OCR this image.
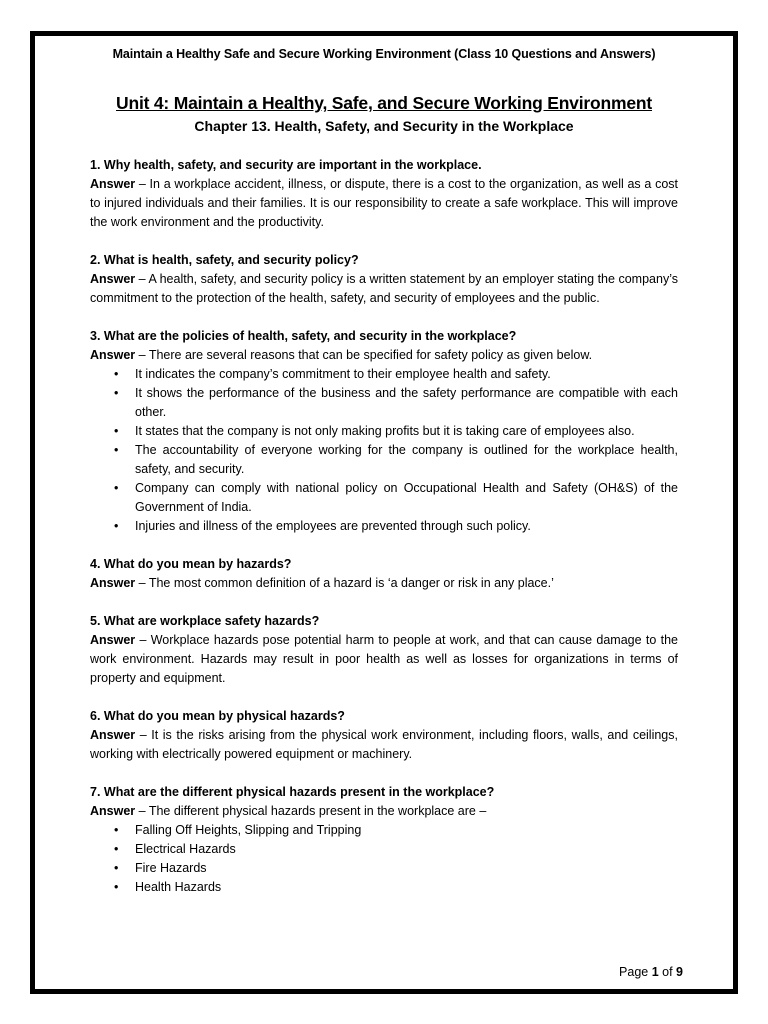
Maintain a Healthy Safe and Secure Working Environment (Class 10 Questions and Answers)
Unit 4: Maintain a Healthy, Safe, and Secure Working Environment
Chapter 13. Health, Safety, and Security in the Workplace
1. Why health, safety, and security are important in the workplace.
Answer – In a workplace accident, illness, or dispute, there is a cost to the organization, as well as a cost to injured individuals and their families. It is our responsibility to create a safe workplace. This will improve the work environment and the productivity.
2. What is health, safety, and security policy?
Answer – A health, safety, and security policy is a written statement by an employer stating the company’s commitment to the protection of the health, safety, and security of employees and the public.
3. What are the policies of health, safety, and security in the workplace?
Answer – There are several reasons that can be specified for safety policy as given below.
• It indicates the company’s commitment to their employee health and safety.
• It shows the performance of the business and the safety performance are compatible with each other.
• It states that the company is not only making profits but it is taking care of employees also.
• The accountability of everyone working for the company is outlined for the workplace health, safety, and security.
• Company can comply with national policy on Occupational Health and Safety (OH&S) of the Government of India.
• Injuries and illness of the employees are prevented through such policy.
4. What do you mean by hazards?
Answer – The most common definition of a hazard is ‘a danger or risk in any place.’
5. What are workplace safety hazards?
Answer – Workplace hazards pose potential harm to people at work, and that can cause damage to the work environment. Hazards may result in poor health as well as losses for organizations in terms of property and equipment.
6. What do you mean by physical hazards?
Answer – It is the risks arising from the physical work environment, including floors, walls, and ceilings, working with electrically powered equipment or machinery.
7. What are the different physical hazards present in the workplace?
Answer – The different physical hazards present in the workplace are –
• Falling Off Heights, Slipping and Tripping
• Electrical Hazards
• Fire Hazards
• Health Hazards
Page 1 of 9
